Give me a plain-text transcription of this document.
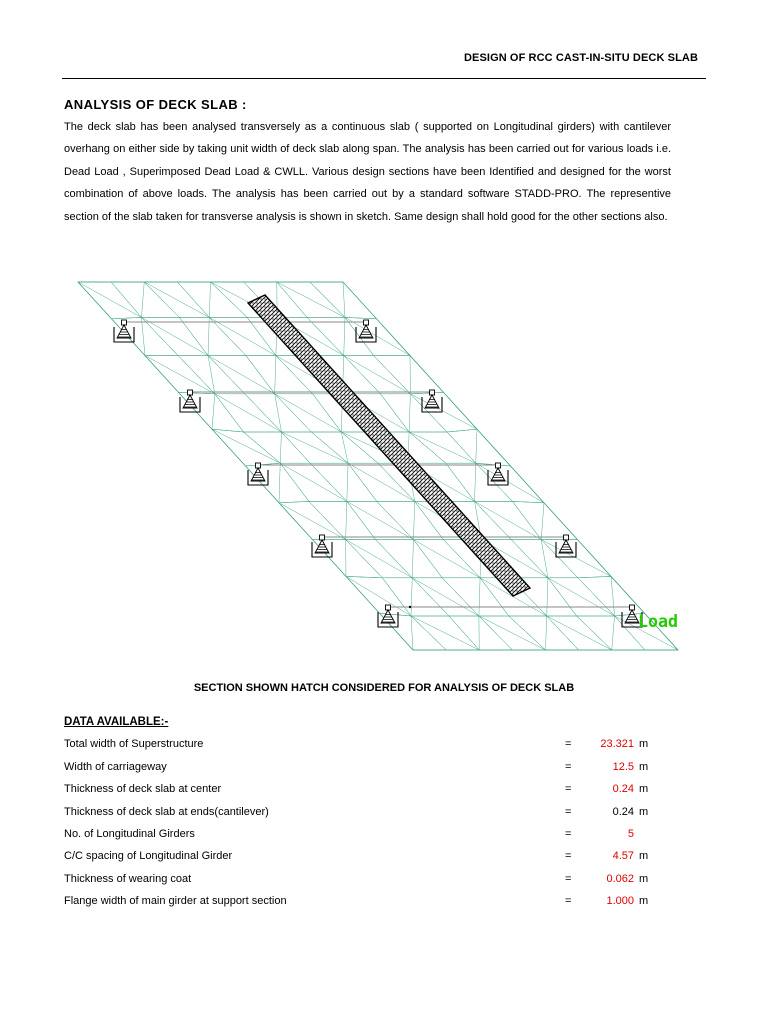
DESIGN OF RCC CAST-IN-SITU DECK SLAB
ANALYSIS OF DECK SLAB :
The deck slab has been analysed transversely as a continuous slab ( supported on Longitudinal girders) with cantilever overhang on either side by taking unit width of deck slab along span. The analysis has been carried out for various loads i.e. Dead Load , Superimposed Dead Load & CWLL. Various design sections have been Identified and designed for the worst combination of above loads. The analysis has been carried out by a standard software STADD-PRO. The representive section of the slab taken for transverse analysis is shown in sketch. Same design shall hold good for the other sections also.
Load
SECTION SHOWN HATCH CONSIDERED FOR ANALYSIS OF DECK SLAB
DATA AVAILABLE:-
Total width of Superstructure	=	23.321 m
Width of carriageway	=	12.5 m
Thickness of deck slab at center	=	0.24 m
Thickness of deck slab at ends(cantilever)	=	0.24 m
No. of Longitudinal Girders	=	5
C/C spacing of Longitudinal Girder	=	4.57 m
Thickness of wearing coat	=	0.062 m
Flange width of main girder at support section	=	1.000 m
